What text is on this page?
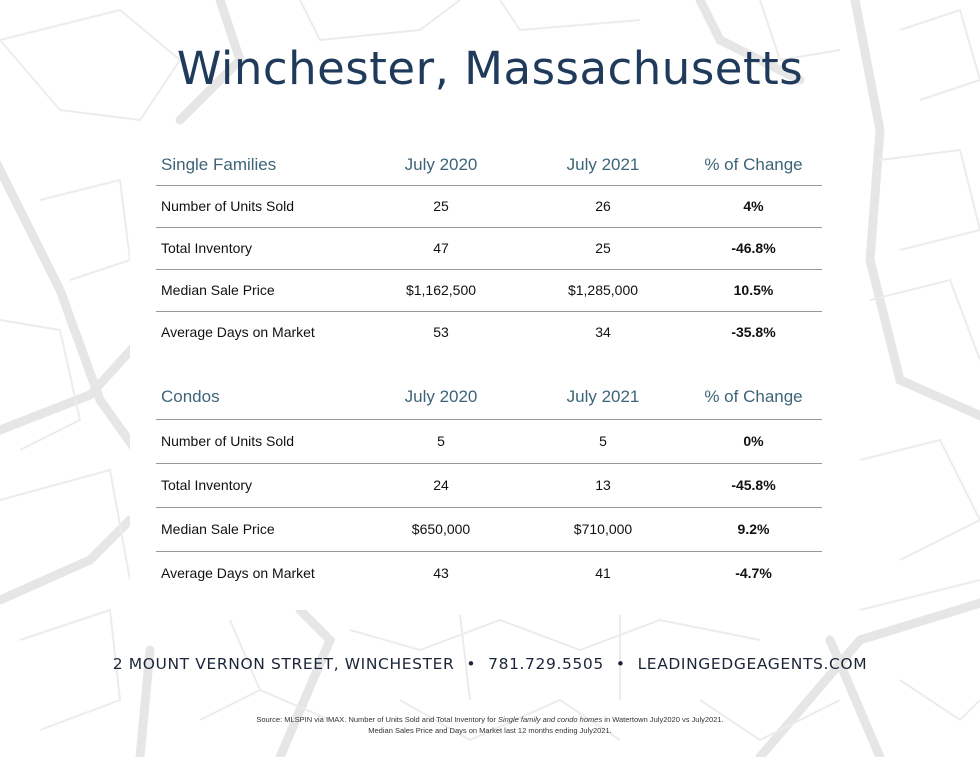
Winchester, Massachusetts
Single Families	July 2020	July 2021	% of Change
Number of Units Sold	25	26	4%
Total Inventory	47	25	-46.8%
Median Sale Price	$1,162,500	$1,285,000	10.5%
Average Days on Market	53	34	-35.8%
Condos	July 2020	July 2021	% of Change
Number of Units Sold	5	5	0%
Total Inventory	24	13	-45.8%
Median Sale Price	$650,000	$710,000	9.2%
Average Days on Market	43	41	-4.7%
2 MOUNT VERNON STREET, WINCHESTER • 781.729.5505 • LEADINGEDGEAGENTS.COM
Source: MLSPIN via IMAX. Number of Units Sold and Total Inventory for Single family and condo homes in Watertown July2020 vs July2021.
Median Sales Price and Days on Market last 12 months ending July2021.
